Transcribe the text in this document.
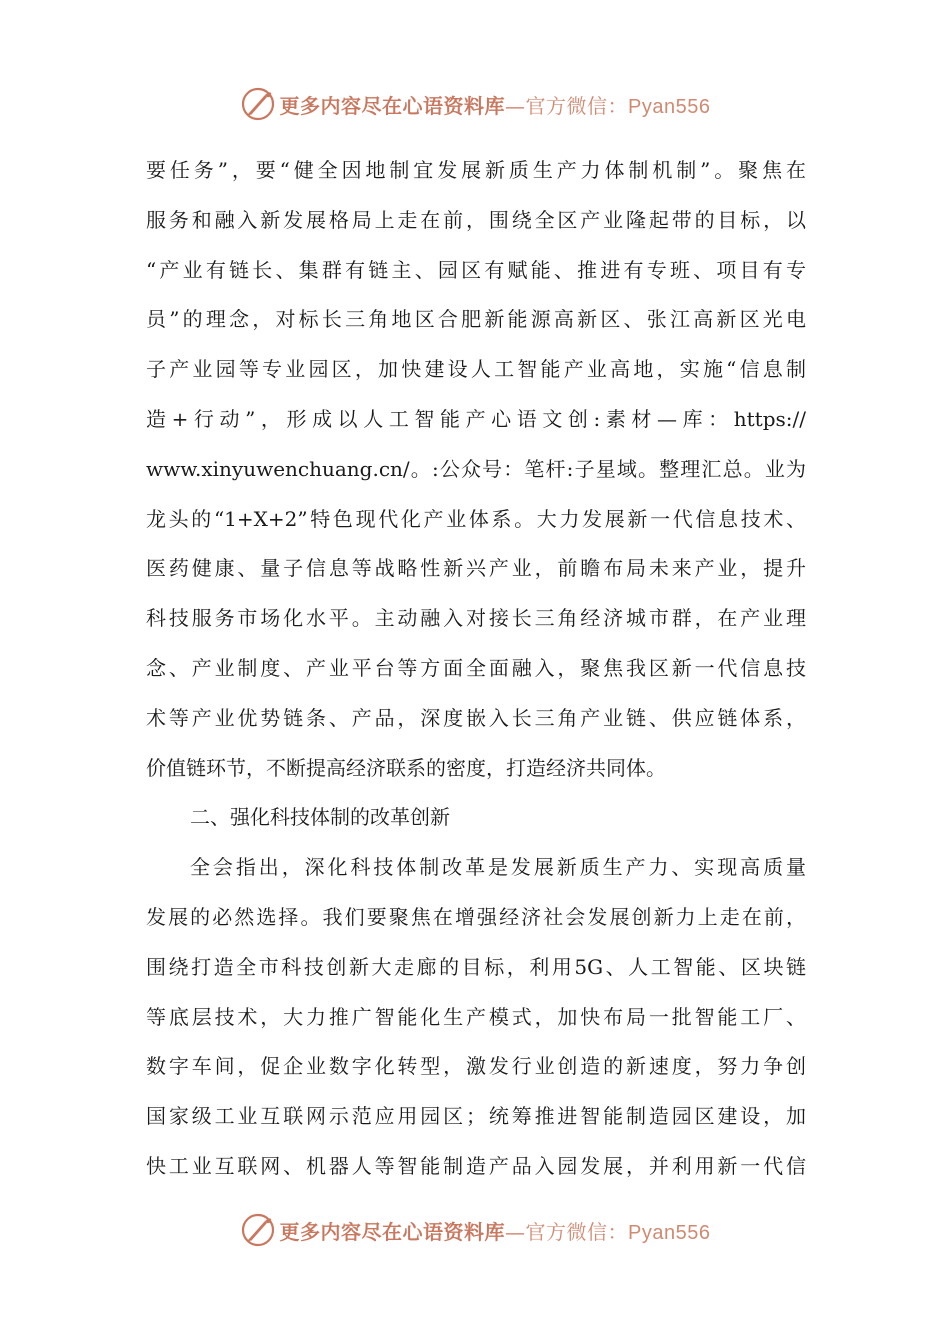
更多内容尽在心语资料库—官方微信：Pyan556
要任务”，要“健全因地制宜发展新质生产力体制机制”。聚焦在
服务和融入新发展格局上走在前，围绕全区产业隆起带的目标，以
“产业有链长、集群有链主、园区有赋能、推进有专班、项目有专
员”的理念，对标长三角地区合肥新能源高新区、张江高新区光电
子产业园等专业园区，加快建设人工智能产业高地，实施“信息制
造+行动”，形成以人工智能产心语文创:素材—库：https://
www.xinyuwenchuang.cn/。:公众号：笔杆:子星域。整理汇总。业为
龙头的“1+X+2”特色现代化产业体系。大力发展新一代信息技术、
医药健康、量子信息等战略性新兴产业，前瞻布局未来产业，提升
科技服务市场化水平。主动融入对接长三角经济城市群，在产业理
念、产业制度、产业平台等方面全面融入，聚焦我区新一代信息技
术等产业优势链条、产品，深度嵌入长三角产业链、供应链体系，
价值链环节，不断提高经济联系的密度，打造经济共同体。
二、强化科技体制的改革创新
全会指出，深化科技体制改革是发展新质生产力、实现高质量
发展的必然选择。我们要聚焦在增强经济社会发展创新力上走在前，
围绕打造全市科技创新大走廊的目标，利用5G、人工智能、区块链
等底层技术，大力推广智能化生产模式，加快布局一批智能工厂、
数字车间，促企业数字化转型，激发行业创造的新速度，努力争创
国家级工业互联网示范应用园区；统筹推进智能制造园区建设，加
快工业互联网、机器人等智能制造产品入园发展，并利用新一代信
更多内容尽在心语资料库—官方微信：Pyan556
